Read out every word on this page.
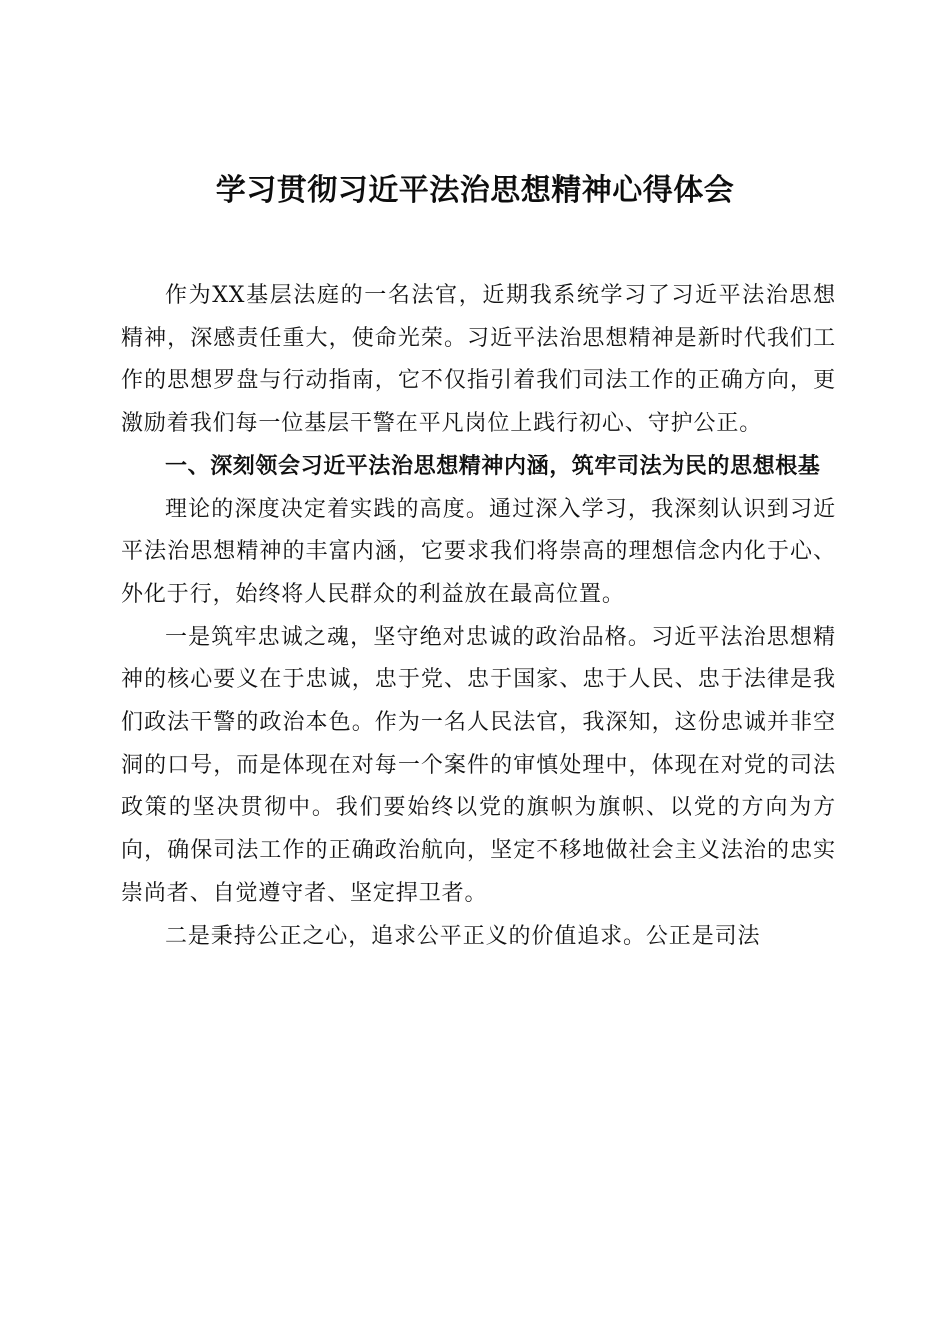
学习贯彻习近平法治思想精神心得体会

作为XX基层法庭的一名法官，近期我系统学习了习近平法治思想精神，深感责任重大，使命光荣。习近平法治思想精神是新时代我们工作的思想罗盘与行动指南，它不仅指引着我们司法工作的正确方向，更激励着我们每一位基层干警在平凡岗位上践行初心、守护公正。

一、深刻领会习近平法治思想精神内涵，筑牢司法为民的思想根基

理论的深度决定着实践的高度。通过深入学习，我深刻认识到习近平法治思想精神的丰富内涵，它要求我们将崇高的理想信念内化于心、外化于行，始终将人民群众的利益放在最高位置。

一是筑牢忠诚之魂，坚守绝对忠诚的政治品格。习近平法治思想精神的核心要义在于忠诚，忠于党、忠于国家、忠于人民、忠于法律是我们政法干警的政治本色。作为一名人民法官，我深知，这份忠诚并非空洞的口号，而是体现在对每一个案件的审慎处理中，体现在对党的司法政策的坚决贯彻中。我们要始终以党的旗帜为旗帜、以党的方向为方向，确保司法工作的正确政治航向，坚定不移地做社会主义法治的忠实崇尚者、自觉遵守者、坚定捍卫者。

二是秉持公正之心，追求公平正义的价值追求。公正是司法
